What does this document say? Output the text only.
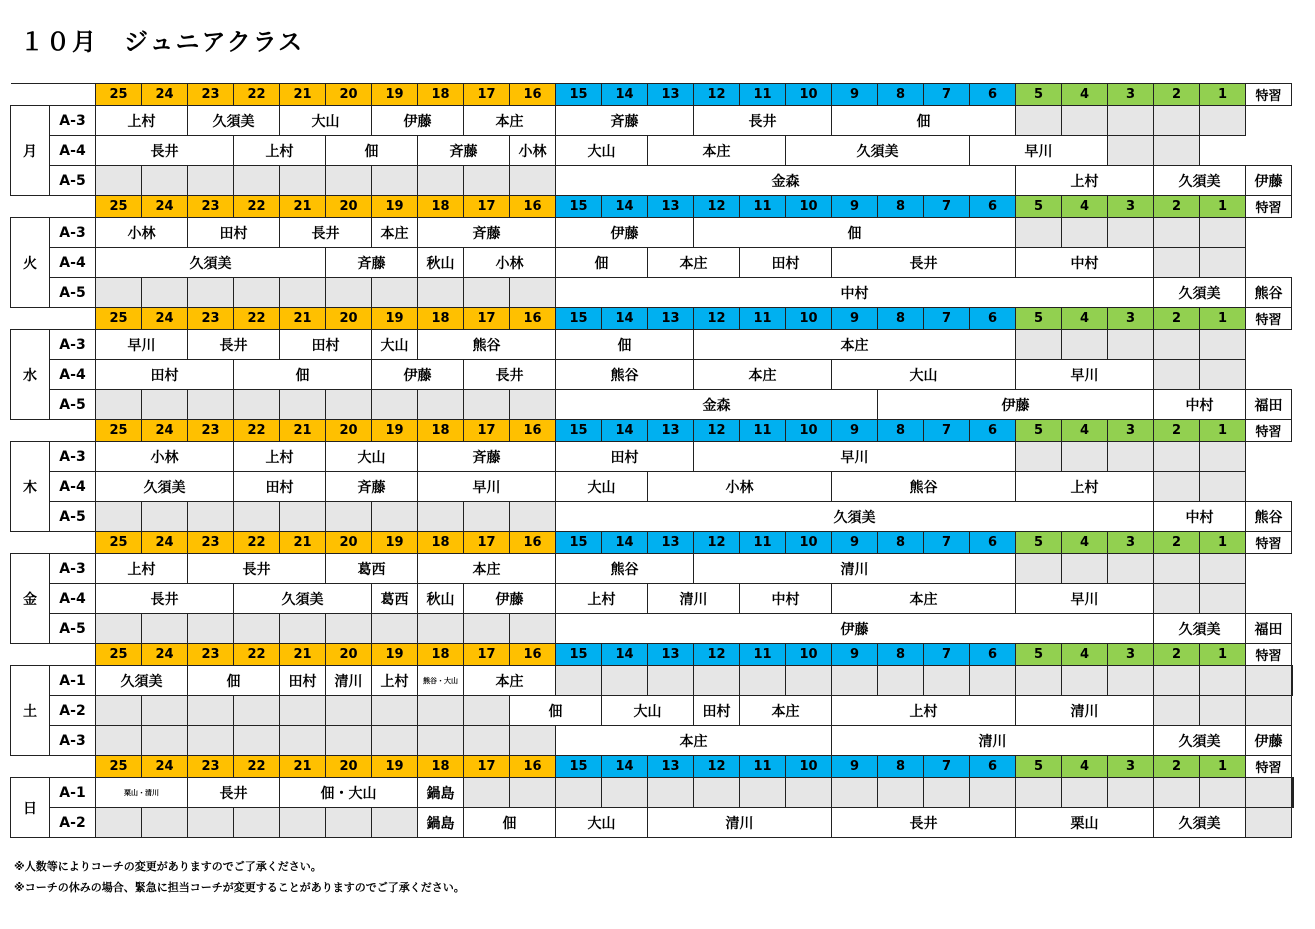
１０月　ジュニアクラス
		25	24	23	22	21	20	19	18	17	16	15	14	13	12	11	10	9	8	7	6	5	4	3	2	1	特習	
月	A-3	上村		久須美		大山		伊藤		本庄		斉藤			長井			佃										
	A-4	長井			上村		佃		斉藤		小林	大山		本庄			久須美				早川							
	A-5											金森										上村			久須美		伊藤	
		25	24	23	22	21	20	19	18	17	16	15	14	13	12	11	10	9	8	7	6	5	4	3	2	1	特習	
火	A-3	小林		田村		長井		本庄	斉藤			伊藤			佃													
	A-4	久須美					斉藤		秋山	小林		佃		本庄		田村		長井				中村						
	A-5											中村													久須美		熊谷	
		25	24	23	22	21	20	19	18	17	16	15	14	13	12	11	10	9	8	7	6	5	4	3	2	1	特習	
水	A-3	早川		長井		田村		大山	熊谷			佃			本庄													
	A-4	田村			佃			伊藤		長井		熊谷			本庄			大山				早川						
	A-5											金森							伊藤						中村		福田	
		25	24	23	22	21	20	19	18	17	16	15	14	13	12	11	10	9	8	7	6	5	4	3	2	1	特習	
木	A-3	小林			上村		大山		斉藤			田村			早川													
	A-4	久須美			田村		斉藤		早川			大山		小林				熊谷				上村						
	A-5											久須美													中村		熊谷	
		25	24	23	22	21	20	19	18	17	16	15	14	13	12	11	10	9	8	7	6	5	4	3	2	1	特習	
金	A-3	上村		長井			葛西		本庄			熊谷			清川													
	A-4	長井			久須美			葛西	秋山	伊藤		上村		清川		中村		本庄				早川						
	A-5											伊藤													久須美		福田	
		25	24	23	22	21	20	19	18	17	16	15	14	13	12	11	10	9	8	7	6	5	4	3	2	1	特習	
土	A-1	久須美		佃		田村	清川	上村	熊谷・大山	本庄																		
	A-2										佃		大山		田村	本庄		上村				清川						
	A-3											本庄						清川							久須美		伊藤	
		25	24	23	22	21	20	19	18	17	16	15	14	13	12	11	10	9	8	7	6	5	4	3	2	1	特習	
日	A-1	栗山・清川		長井		佃・大山			鍋島																				
	A-2								鍋島	佃		大山		清川				長井				栗山			久須美			
※人数等によりコーチの変更がありますのでご了承ください。
※コーチの休みの場合、緊急に担当コーチが変更することがありますのでご了承ください。
